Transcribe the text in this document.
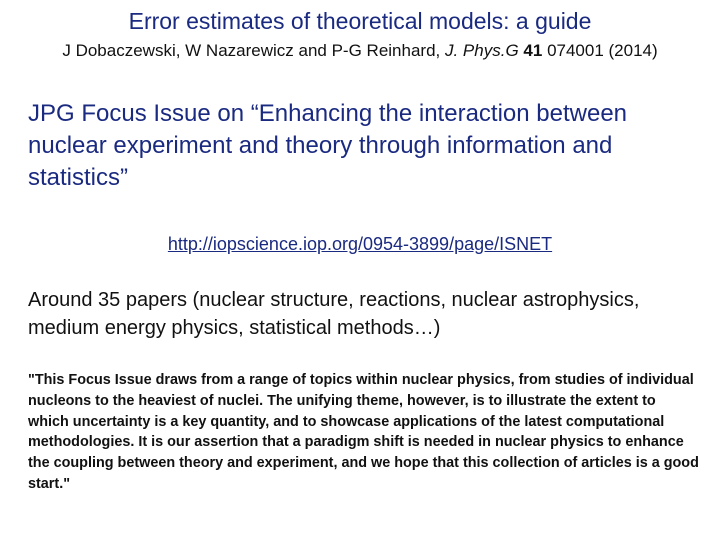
Error estimates of theoretical models: a guide
J Dobaczewski, W Nazarewicz and P-G Reinhard, J. Phys.G 41 074001 (2014)
JPG Focus Issue on “Enhancing the interaction between nuclear experiment and theory through information and statistics”
http://iopscience.iop.org/0954-3899/page/ISNET
Around 35 papers (nuclear structure, reactions, nuclear astrophysics, medium energy physics, statistical methods…)
"This Focus Issue draws from a range of topics within nuclear physics, from studies of individual nucleons to the heaviest of nuclei. The unifying theme, however, is to illustrate the extent to which uncertainty is a key quantity, and to showcase applications of the latest computational methodologies. It is our assertion that a paradigm shift is needed in nuclear physics to enhance the coupling between theory and experiment, and we hope that this collection of articles is a good start."
